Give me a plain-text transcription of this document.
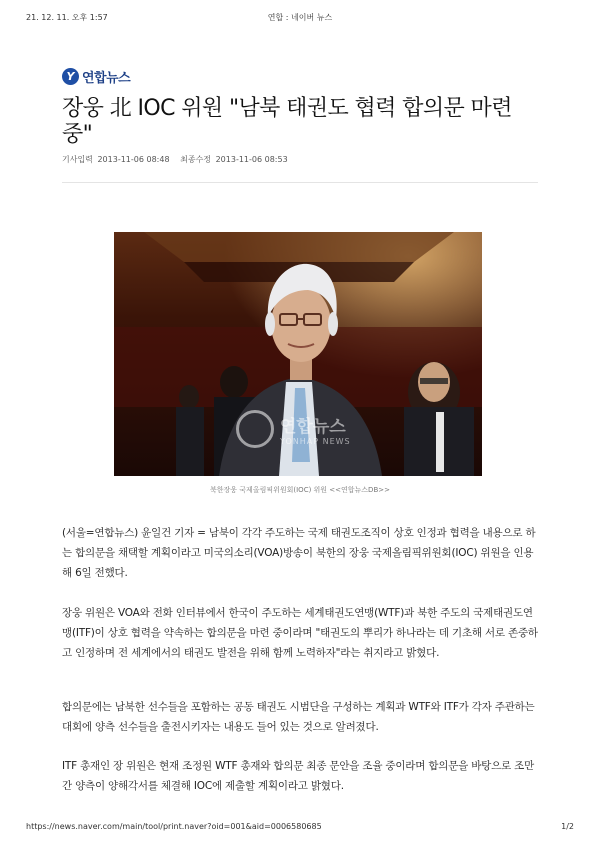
21. 12. 11. 오후 1:57	연합 : 네이버 뉴스
Y 연합뉴스
장웅 北 IOC 위원 "남북 태권도 협력 합의문 마련 중"
기사입력 2013-11-06 08:48 최종수정 2013-11-06 08:53
연합뉴스
YONHAP NEWS
북한장웅 국제올림픽위원회(IOC) 위원 <<연합뉴스DB>>

(서울=연합뉴스) 윤일건 기자 = 남북이 각각 주도하는 국제 태권도조직이 상호 인정과 협력을 내용으로 하는 합의문을 채택할 계획이라고 미국의소리(VOA)방송이 북한의 장웅 국제올림픽위원회(IOC) 위원을 인용해 6일 전했다.

장웅 위원은 VOA와 전화 인터뷰에서 한국이 주도하는 세계태권도연맹(WTF)과 북한 주도의 국제태권도연맹(ITF)이 상호 협력을 약속하는 합의문을 마련 중이라며 "태권도의 뿌리가 하나라는 데 기초해 서로 존중하고 인정하며 전 세계에서의 태권도 발전을 위해 함께 노력하자"라는 취지라고 밝혔다.

합의문에는 남북한 선수들을 포함하는 공동 태권도 시범단을 구성하는 계획과 WTF와 ITF가 각자 주관하는 대회에 양측 선수들을 출전시키자는 내용도 들어 있는 것으로 알려졌다.

ITF 총재인 장 위원은 현재 조정원 WTF 총재와 합의문 최종 문안을 조율 중이라며 합의문을 바탕으로 조만간 양측이 양해각서를 체결해 IOC에 제출할 계획이라고 밝혔다.

https://news.naver.com/main/tool/print.naver?oid=001&aid=0006580685	1/2
